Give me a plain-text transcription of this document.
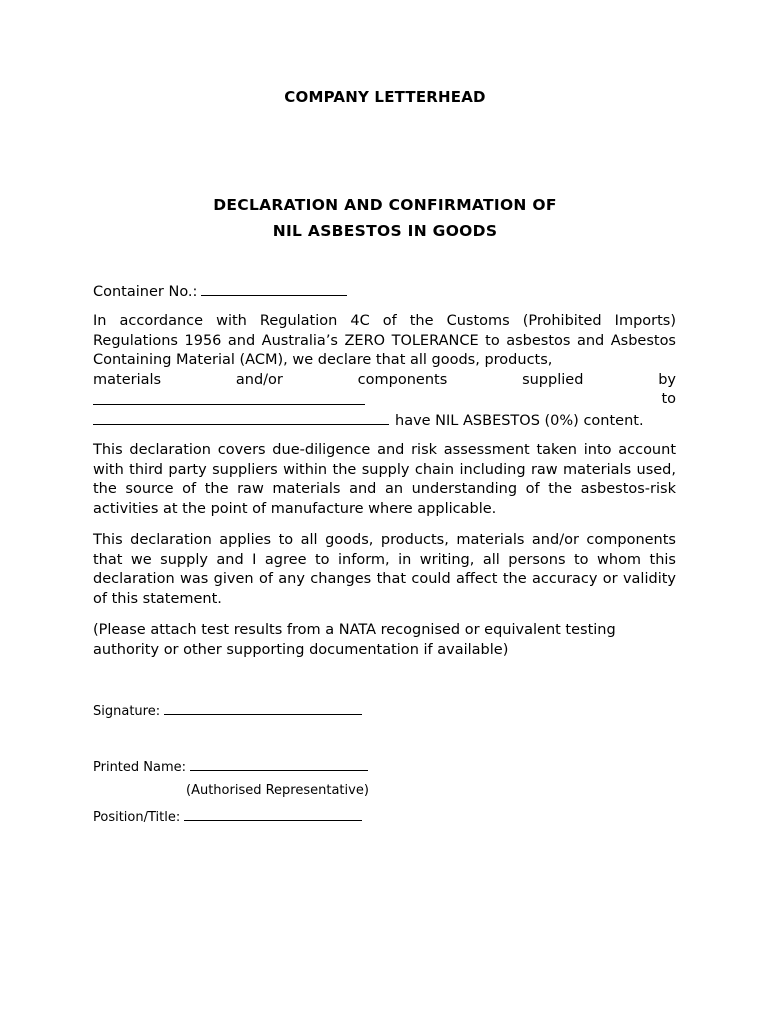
COMPANY LETTERHEAD
DECLARATION AND CONFIRMATION OF
NIL ASBESTOS IN GOODS
Container No.:
In accordance with Regulation 4C of the Customs (Prohibited Imports) Regulations 1956 and Australia’s ZERO TOLERANCE to asbestos and Asbestos Containing Material (ACM), we declare that all goods, products,
materials	and/or	components	supplied	by
to
have NIL ASBESTOS (0%) content.
This declaration covers due-diligence and risk assessment taken into account with third party suppliers within the supply chain including raw materials used, the source of the raw materials and an understanding of the asbestos-risk activities at the point of manufacture where applicable.
This declaration applies to all goods, products, materials and/or components that we supply and I agree to inform, in writing, all persons to whom this declaration was given of any changes that could affect the accuracy or validity of this statement.
(Please attach test results from a NATA recognised or equivalent testing authority or other supporting documentation if available)
Signature:
Printed Name:
(Authorised Representative)
Position/Title:
